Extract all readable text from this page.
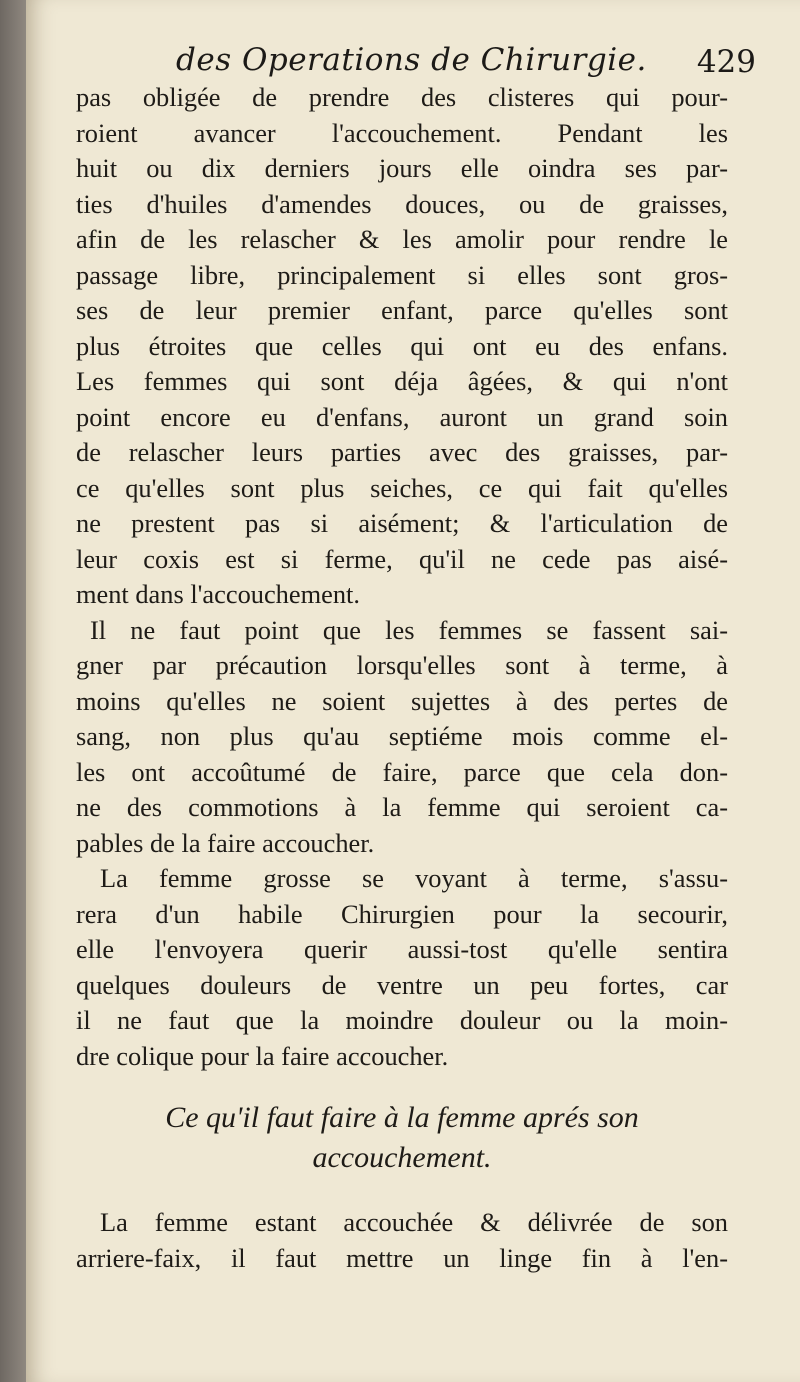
des Operations de Chirurgie. 429
pas obligée de prendre des clisteres qui pour-
roient avancer l'accouchement. Pendant les
huit ou dix derniers jours elle oindra ses par-
ties d'huiles d'amendes douces, ou de graisses,
afin de les relascher & les amolir pour rendre le
passage libre, principalement si elles sont gros-
ses de leur premier enfant, parce qu'elles sont
plus étroites que celles qui ont eu des enfans.
Les femmes qui sont déja âgées, & qui n'ont
point encore eu d'enfans, auront un grand soin
de relascher leurs parties avec des graisses, par-
ce qu'elles sont plus seiches, ce qui fait qu'elles
ne prestent pas si aisément; & l'articulation de
leur coxis est si ferme, qu'il ne cede pas aisé-
ment dans l'accouchement.
Il ne faut point que les femmes se fassent sai-
gner par précaution lorsqu'elles sont à terme, à
moins qu'elles ne soient sujettes à des pertes de
sang, non plus qu'au septiéme mois comme el-
les ont accoûtumé de faire, parce que cela don-
ne des commotions à la femme qui seroient ca-
pables de la faire accoucher.
La femme grosse se voyant à terme, s'assu-
rera d'un habile Chirurgien pour la secourir,
elle l'envoyera querir aussi-tost qu'elle sentira
quelques douleurs de ventre un peu fortes, car
il ne faut que la moindre douleur ou la moin-
dre colique pour la faire accoucher.
Ce qu'il faut faire à la femme aprés son
accouchement.
La femme estant accouchée & délivrée de son
arriere-faix, il faut mettre un linge fin à l'en-
